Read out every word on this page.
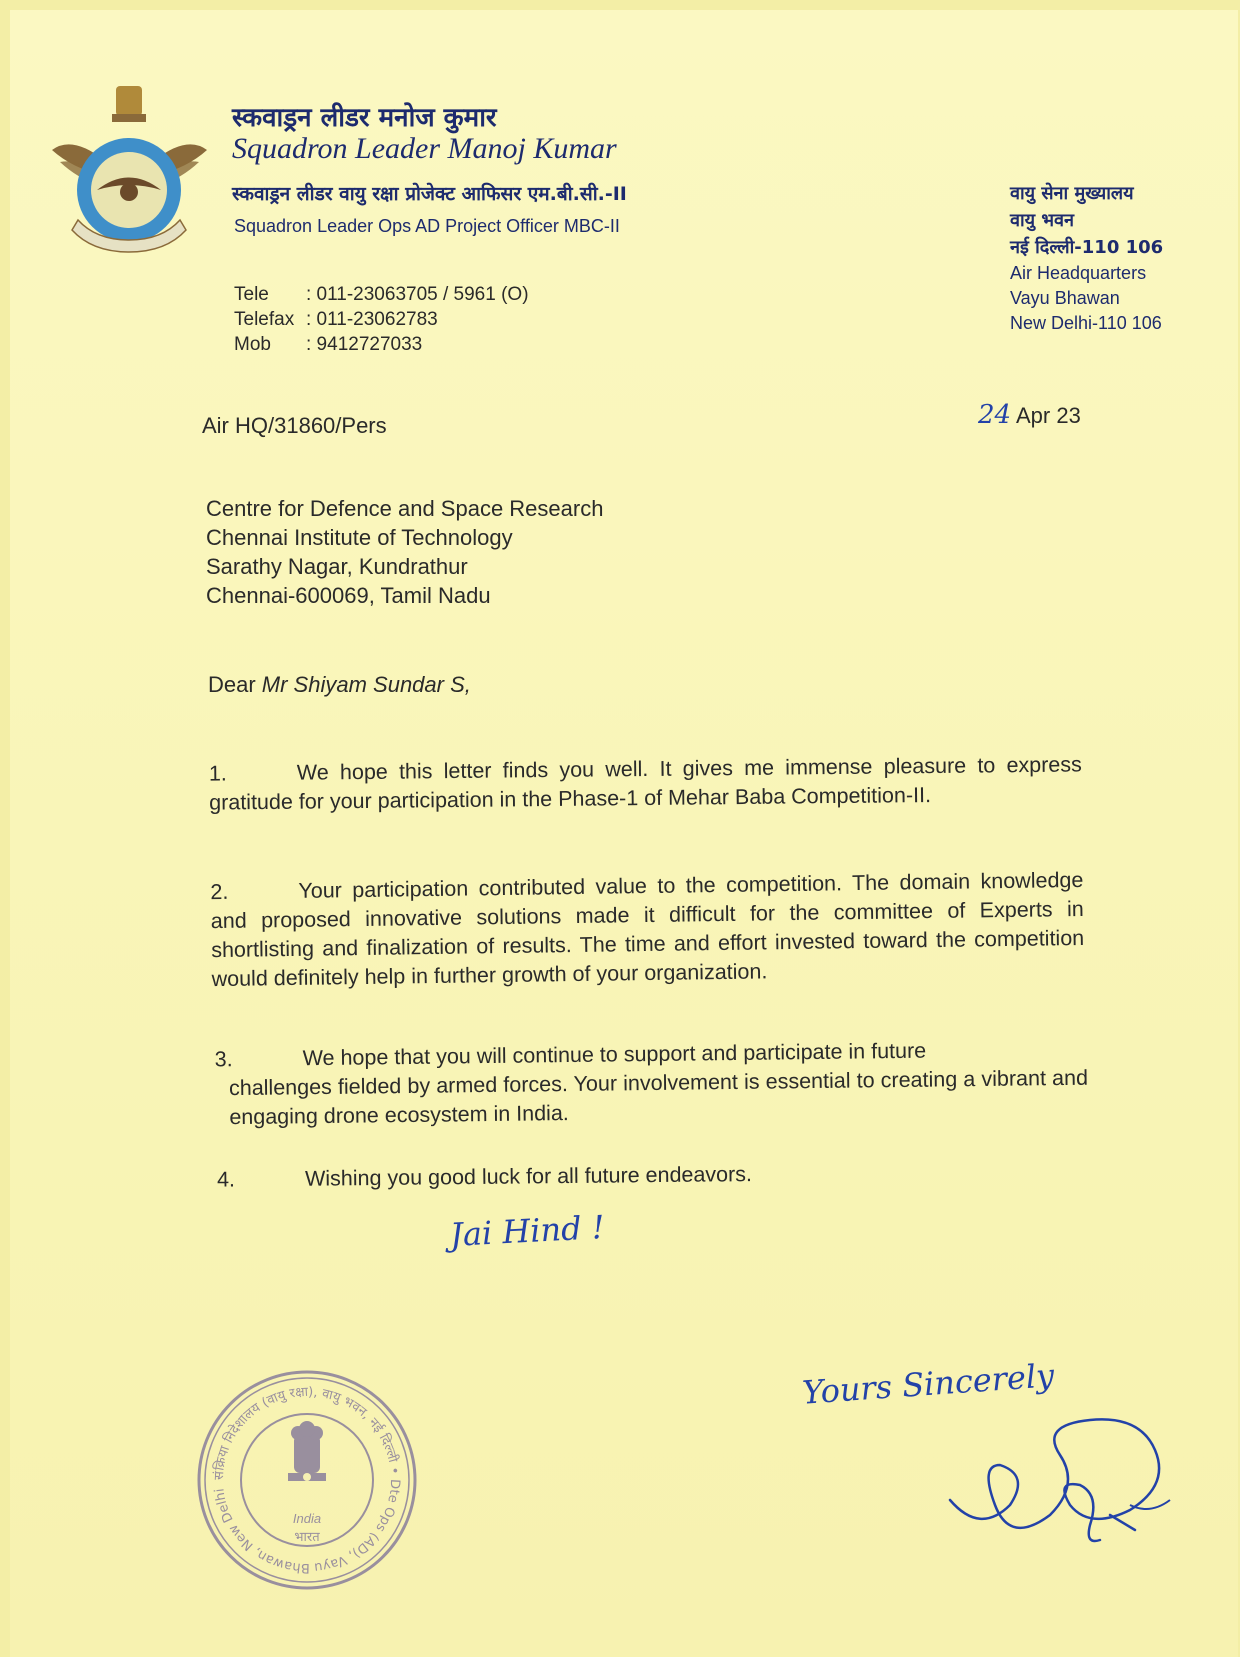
स्कवाड्रन लीडर मनोज कुमार
Squadron Leader Manoj Kumar
स्कवाड्रन लीडर वायु रक्षा प्रोजेक्ट आफिसर एम.बी.सी.-II
Squadron Leader Ops AD Project Officer MBC-II
Tele : 011-23063705 / 5961 (O)
Telefax : 011-23062783
Mob : 9412727033
वायु सेना मुख्यालय
वायु भवन
नई दिल्ली-110 106
Air Headquarters
Vayu Bhawan
New Delhi-110 106
Air HQ/31860/Pers	24 Apr 23
Centre for Defence and Space Research
Chennai Institute of Technology
Sarathy Nagar, Kundrathur
Chennai-600069, Tamil Nadu
Dear Mr Shiyam Sundar S,
1.	We hope this letter finds you well. It gives me immense pleasure to express gratitude for your participation in the Phase-1 of Mehar Baba Competition-II.
2.	Your participation contributed value to the competition. The domain knowledge and proposed innovative solutions made it difficult for the committee of Experts in shortlisting and finalization of results. The time and effort invested toward the competition would definitely help in further growth of your organization.
3.	We hope that you will continue to support and participate in future
challenges fielded by armed forces. Your involvement is essential to creating a vibrant and engaging drone ecosystem in India.
4.	Wishing you good luck for all future endeavors.
Jai Hind !
Yours Sincerely
संक्रिया निदेशालय (वायु रक्षा), वायु भवन, नई दिल्ली • Dte Ops (AD), Vayu Bhawan, New Delhi
India
भारत
